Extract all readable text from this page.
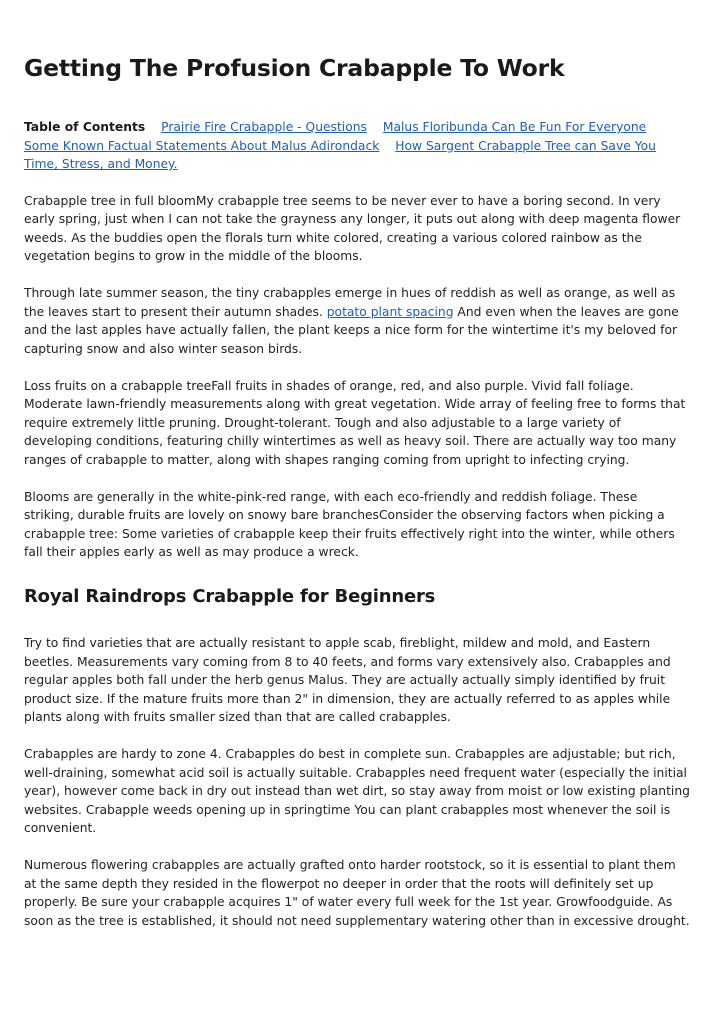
Getting The Profusion Crabapple To Work
Table of Contents Prairie Fire Crabapple - Questions Malus Floribunda Can Be Fun For Everyone Some Known Factual Statements About Malus Adirondack How Sargent Crabapple Tree can Save You Time, Stress, and Money.

Crabapple tree in full bloomMy crabapple tree seems to be never ever to have a boring second. In very early spring, just when I can not take the grayness any longer, it puts out along with deep magenta flower weeds. As the buddies open the florals turn white colored, creating a various colored rainbow as the vegetation begins to grow in the middle of the blooms.

Through late summer season, the tiny crabapples emerge in hues of reddish as well as orange, as well as the leaves start to present their autumn shades. potato plant spacing And even when the leaves are gone and the last apples have actually fallen, the plant keeps a nice form for the wintertime it's my beloved for capturing snow and also winter season birds.

Loss fruits on a crabapple treeFall fruits in shades of orange, red, and also purple. Vivid fall foliage. Moderate lawn-friendly measurements along with great vegetation. Wide array of feeling free to forms that require extremely little pruning. Drought-tolerant. Tough and also adjustable to a large variety of developing conditions, featuring chilly wintertimes as well as heavy soil. There are actually way too many ranges of crabapple to matter, along with shapes ranging coming from upright to infecting crying.

Blooms are generally in the white-pink-red range, with each eco-friendly and reddish foliage. These striking, durable fruits are lovely on snowy bare branchesConsider the observing factors when picking a crabapple tree: Some varieties of crabapple keep their fruits effectively right into the winter, while others fall their apples early as well as may produce a wreck.

Royal Raindrops Crabapple for Beginners

Try to find varieties that are actually resistant to apple scab, fireblight, mildew and mold, and Eastern beetles. Measurements vary coming from 8 to 40 feets, and forms vary extensively also. Crabapples and regular apples both fall under the herb genus Malus. They are actually actually simply identified by fruit product size. If the mature fruits more than 2" in dimension, they are actually referred to as apples while plants along with fruits smaller sized than that are called crabapples.

Crabapples are hardy to zone 4. Crabapples do best in complete sun. Crabapples are adjustable; but rich, well-draining, somewhat acid soil is actually suitable. Crabapples need frequent water (especially the initial year), however come back in dry out instead than wet dirt, so stay away from moist or low existing planting websites. Crabapple weeds opening up in springtime You can plant crabapples most whenever the soil is convenient.

Numerous flowering crabapples are actually grafted onto harder rootstock, so it is essential to plant them at the same depth they resided in the flowerpot no deeper in order that the roots will definitely set up properly. Be sure your crabapple acquires 1" of water every full week for the 1st year. Growfoodguide. As soon as the tree is established, it should not need supplementary watering other than in excessive drought.
